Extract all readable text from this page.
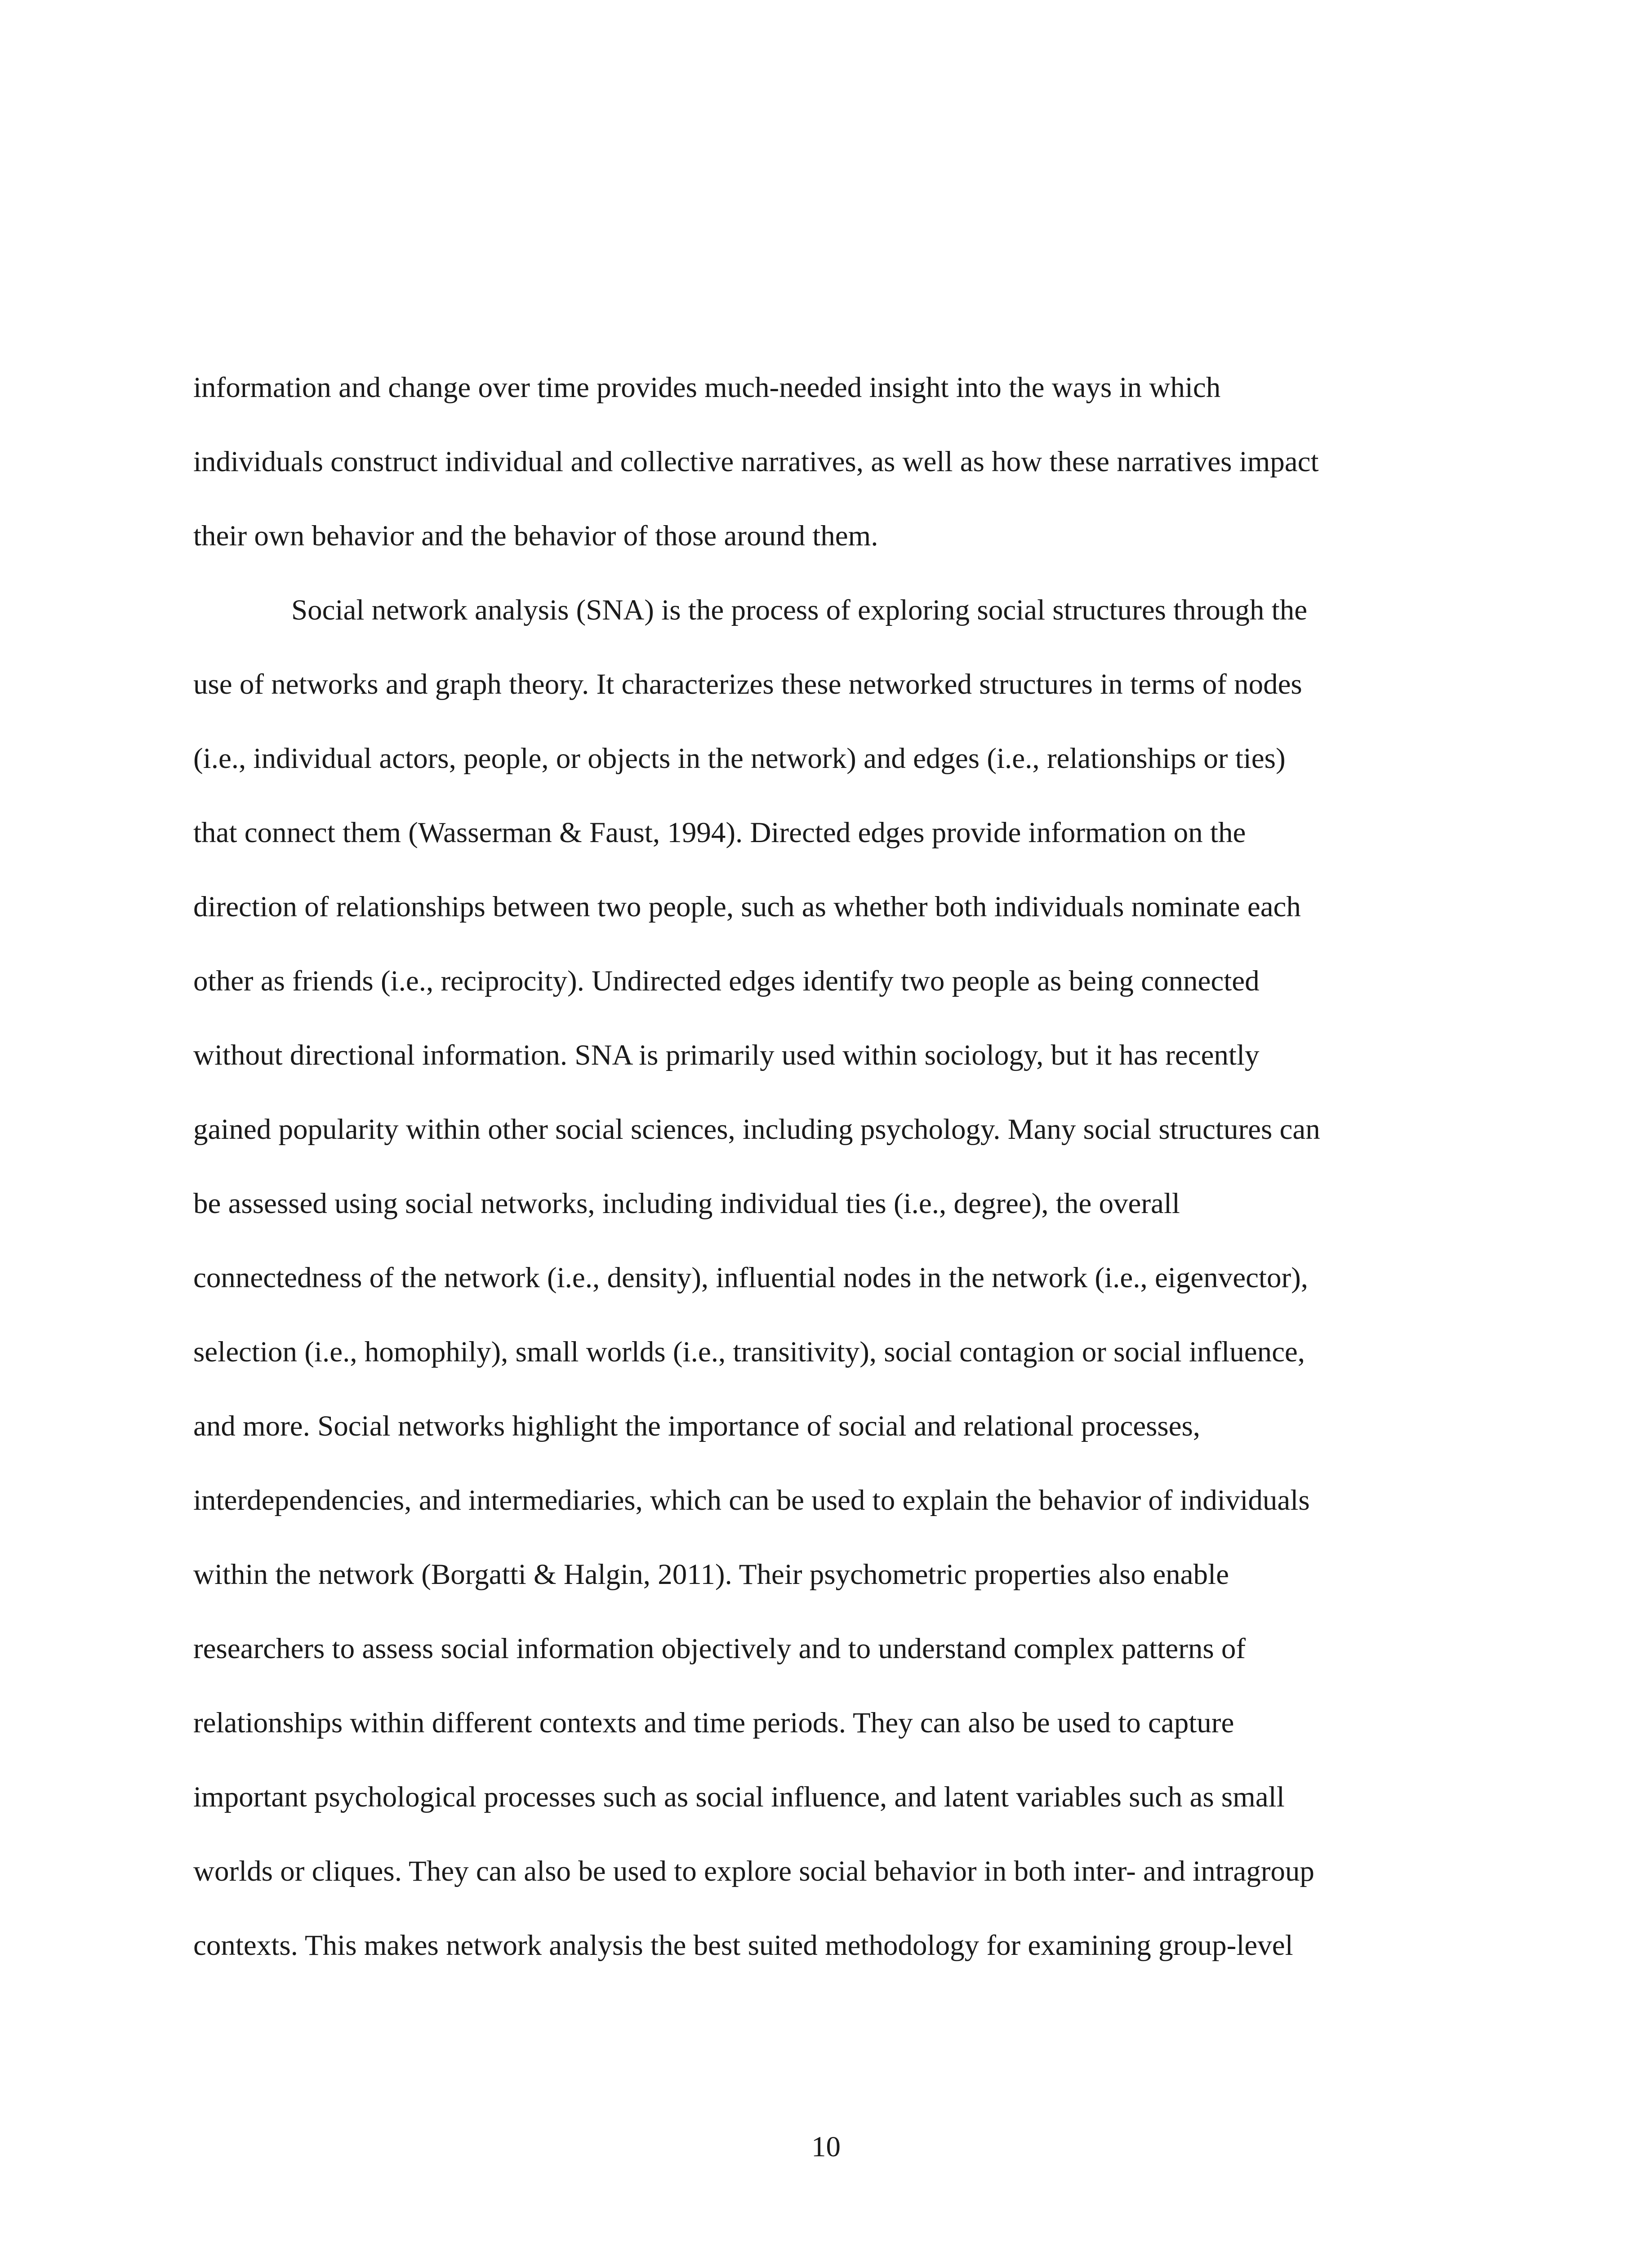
information and change over time provides much-needed insight into the ways in which
individuals construct individual and collective narratives, as well as how these narratives impact
their own behavior and the behavior of those around them.
Social network analysis (SNA) is the process of exploring social structures through the
use of networks and graph theory. It characterizes these networked structures in terms of nodes
(i.e., individual actors, people, or objects in the network) and edges (i.e., relationships or ties)
that connect them (Wasserman & Faust, 1994). Directed edges provide information on the
direction of relationships between two people, such as whether both individuals nominate each
other as friends (i.e., reciprocity). Undirected edges identify two people as being connected
without directional information. SNA is primarily used within sociology, but it has recently
gained popularity within other social sciences, including psychology. Many social structures can
be assessed using social networks, including individual ties (i.e., degree), the overall
connectedness of the network (i.e., density), influential nodes in the network (i.e., eigenvector),
selection (i.e., homophily), small worlds (i.e., transitivity), social contagion or social influence,
and more. Social networks highlight the importance of social and relational processes,
interdependencies, and intermediaries, which can be used to explain the behavior of individuals
within the network (Borgatti & Halgin, 2011). Their psychometric properties also enable
researchers to assess social information objectively and to understand complex patterns of
relationships within different contexts and time periods. They can also be used to capture
important psychological processes such as social influence, and latent variables such as small
worlds or cliques. They can also be used to explore social behavior in both inter- and intragroup
contexts. This makes network analysis the best suited methodology for examining group-level
10
